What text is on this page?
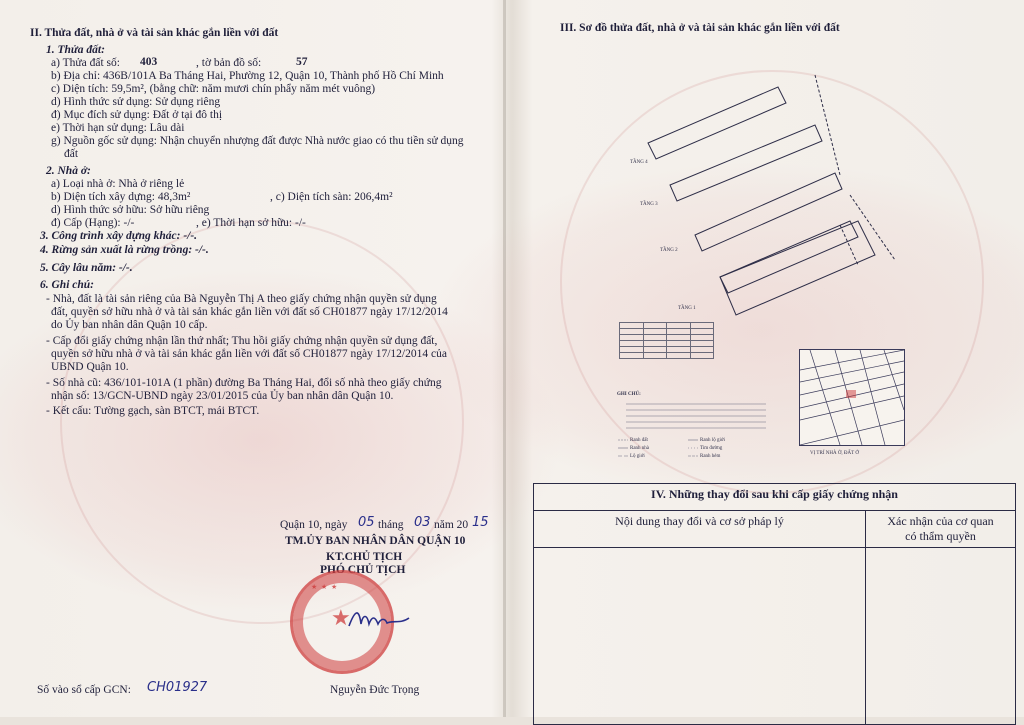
II. Thửa đất, nhà ở và tài sản khác gắn liền với đất
1. Thửa đất:
a) Thửa đất số: 403	, tờ bản đồ số:	57
b) Địa chỉ: 436B/101A Ba Tháng Hai, Phường 12, Quận 10, Thành phố Hồ Chí Minh
c) Diện tích: 59,5m², (bằng chữ: năm mươi chín phẩy năm mét vuông)
d) Hình thức sử dụng: Sử dụng riêng
đ) Mục đích sử dụng: Đất ở tại đô thị
e) Thời hạn sử dụng: Lâu dài
g) Nguồn gốc sử dụng: Nhận chuyển nhượng đất được Nhà nước giao có thu tiền sử dụng
đất
2. Nhà ở:
a) Loại nhà ở: Nhà ở riêng lẻ
b) Diện tích xây dựng: 48,3m²	, c) Diện tích sàn: 206,4m²
d) Hình thức sở hữu: Sở hữu riêng
đ) Cấp (Hạng): -/-	, e) Thời hạn sở hữu: -/-
3. Công trình xây dựng khác: -/-.
4. Rừng sản xuất là rừng trồng: -/-.
5. Cây lâu năm: -/-.
6. Ghi chú:
- Nhà, đất là tài sản riêng của Bà Nguyễn Thị A theo giấy chứng nhận quyền sử dụng
đất, quyền sở hữu nhà ở và tài sản khác gắn liền với đất số CH01877 ngày 17/12/2014
do Ủy ban nhân dân Quận 10 cấp.
- Cấp đổi giấy chứng nhận lần thứ nhất; Thu hồi giấy chứng nhận quyền sử dụng đất,
quyền sở hữu nhà ở và tài sản khác gắn liền với đất số CH01877 ngày 17/12/2014 của
UBND Quận 10.
- Số nhà cũ: 436/101-101A (1 phần) đường Ba Tháng Hai, đổi số nhà theo giấy chứng
nhận số: 13/GCN-UBND ngày 23/01/2015 của Ủy ban nhân dân Quận 10.
- Kết cấu: Tường gạch, sàn BTCT, mái BTCT.
Quận 10, ngày 05 tháng 03 năm 20 15
TM.ỦY BAN NHÂN DÂN QUẬN 10
KT.CHỦ TỊCH
PHÓ CHỦ TỊCH
★ ★ ★
★
Nguyễn Đức Trọng
Số vào sổ cấp GCN: CH01927
III. Sơ đồ thửa đất, nhà ở và tài sản khác gắn liền với đất
TẦNG 4
TẦNG 3
TẦNG 2
TẦNG 1

GHI CHÚ:
Ranh đất
Ranh nhà
Lộ giới
Ranh lộ giới
Tim đường
Ranh hẻm
VỊ TRÍ NHÀ Ở, ĐẤT Ở
IV. Những thay đổi sau khi cấp giấy chứng nhận	
Nội dung thay đổi và cơ sở pháp lý	Xác nhận của cơ quan
có thẩm quyền
